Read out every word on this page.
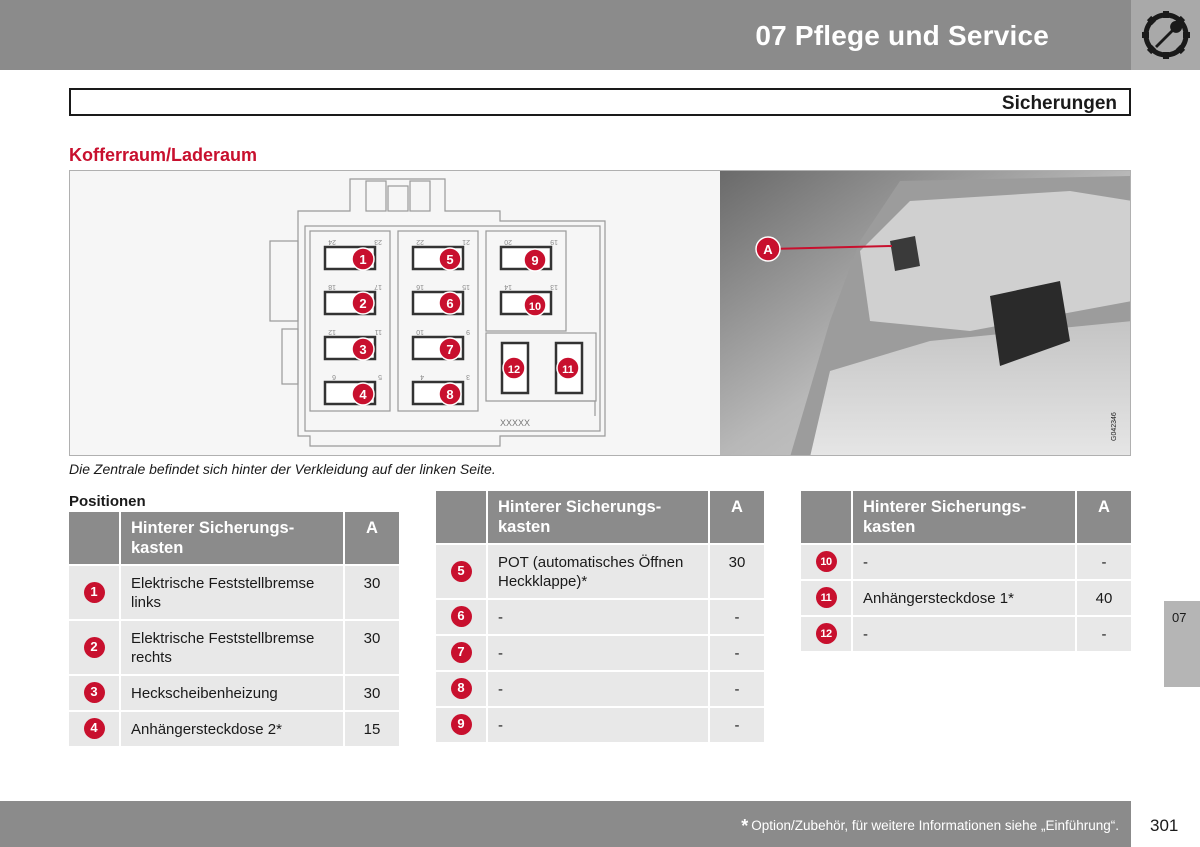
07 Pflege und Service
Sicherungen
Kofferraum/Laderaum
24	22	20
23	21	19
18	17	16	15	14	13
12	11	10	9
6	5	4	3
1
2
3
4
5
6
7
8
9
10
11
12
XXXXX
A
G042346
Die Zentrale befindet sich hinter der Verkleidung auf der linken Seite.
Positionen
	Hinterer Sicherungs-
kasten	A
1	Elektrische Feststellbremse links	30
2	Elektrische Feststellbremse rechts	30
3	Heckscheibenheizung	30
4	Anhängersteckdose 2*	15
	Hinterer Sicherungs-
kasten	A
5	POT (automatisches Öffnen Heckklappe)*	30
6	-	-
7	-	-
8	-	-
9	-	-
	Hinterer Sicherungs-
kasten	A
10	-	-
11	Anhängersteckdose 1*	40
12	-	-
07
* Option/Zubehör, für weitere Informationen siehe „Einführung“. 301
